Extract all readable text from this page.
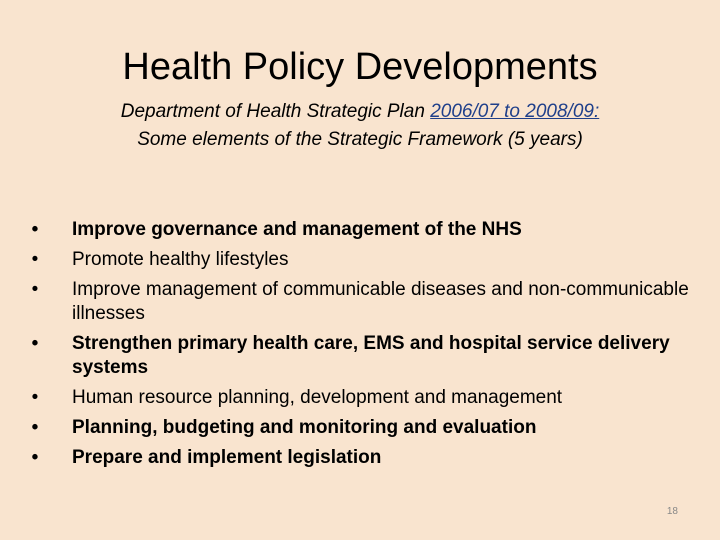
Health Policy Developments
Department of Health Strategic Plan 2006/07 to 2008/09:
Some elements of the Strategic Framework (5 years)
• Improve governance and management of the NHS
• Promote healthy lifestyles
• Improve management of communicable diseases and non-communicable illnesses
• Strengthen primary health care, EMS and hospital service delivery systems
• Human resource planning, development and management
• Planning, budgeting and monitoring and evaluation
• Prepare and implement legislation
18
